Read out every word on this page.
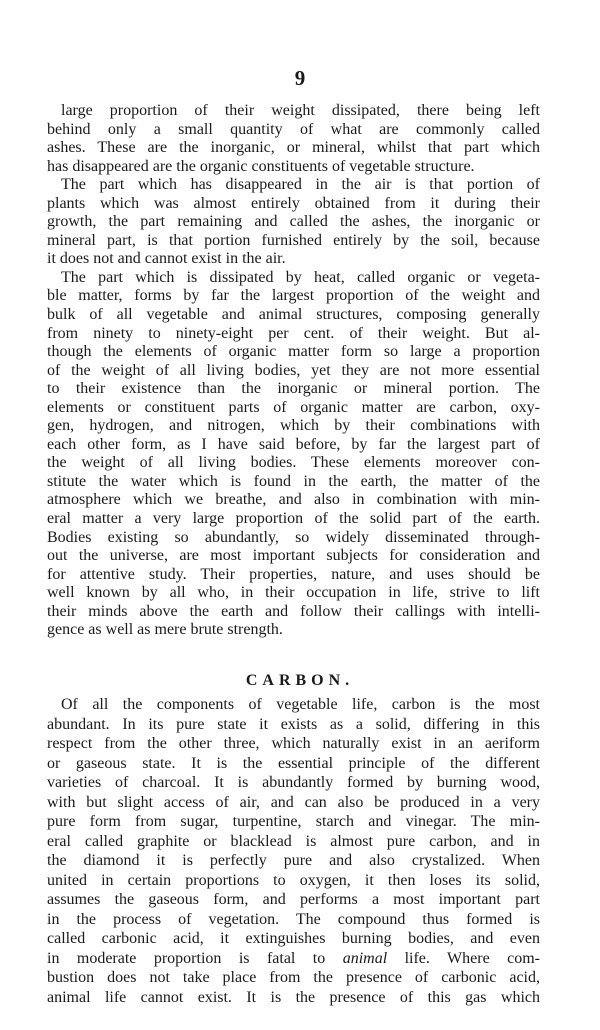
9
large proportion of their weight dissipated, there being left
behind only a small quantity of what are commonly called
ashes. These are the inorganic, or mineral, whilst that part which
has disappeared are the organic constituents of vegetable structure.
The part which has disappeared in the air is that portion of
plants which was almost entirely obtained from it during their
growth, the part remaining and called the ashes, the inorganic or
mineral part, is that portion furnished entirely by the soil, because
it does not and cannot exist in the air.
The part which is dissipated by heat, called organic or vegeta-
ble matter, forms by far the largest proportion of the weight and
bulk of all vegetable and animal structures, composing generally
from ninety to ninety-eight per cent. of their weight. But al-
though the elements of organic matter form so large a proportion
of the weight of all living bodies, yet they are not more essential
to their existence than the inorganic or mineral portion. The
elements or constituent parts of organic matter are carbon, oxy-
gen, hydrogen, and nitrogen, which by their combinations with
each other form, as I have said before, by far the largest part of
the weight of all living bodies. These elements moreover con-
stitute the water which is found in the earth, the matter of the
atmosphere which we breathe, and also in combination with min-
eral matter a very large proportion of the solid part of the earth.
Bodies existing so abundantly, so widely disseminated through-
out the universe, are most important subjects for consideration and
for attentive study. Their properties, nature, and uses should be
well known by all who, in their occupation in life, strive to lift
their minds above the earth and follow their callings with intelli-
gence as well as mere brute strength.
CARBON.
Of all the components of vegetable life, carbon is the most
abundant. In its pure state it exists as a solid, differing in this
respect from the other three, which naturally exist in an aeriform
or gaseous state. It is the essential principle of the different
varieties of charcoal. It is abundantly formed by burning wood,
with but slight access of air, and can also be produced in a very
pure form from sugar, turpentine, starch and vinegar. The min-
eral called graphite or blacklead is almost pure carbon, and in
the diamond it is perfectly pure and also crystalized. When
united in certain proportions to oxygen, it then loses its solid,
assumes the gaseous form, and performs a most important part
in the process of vegetation. The compound thus formed is
called carbonic acid, it extinguishes burning bodies, and even
in moderate proportion is fatal to animal life. Where com-
bustion does not take place from the presence of carbonic acid,
animal life cannot exist. It is the presence of this gas which
